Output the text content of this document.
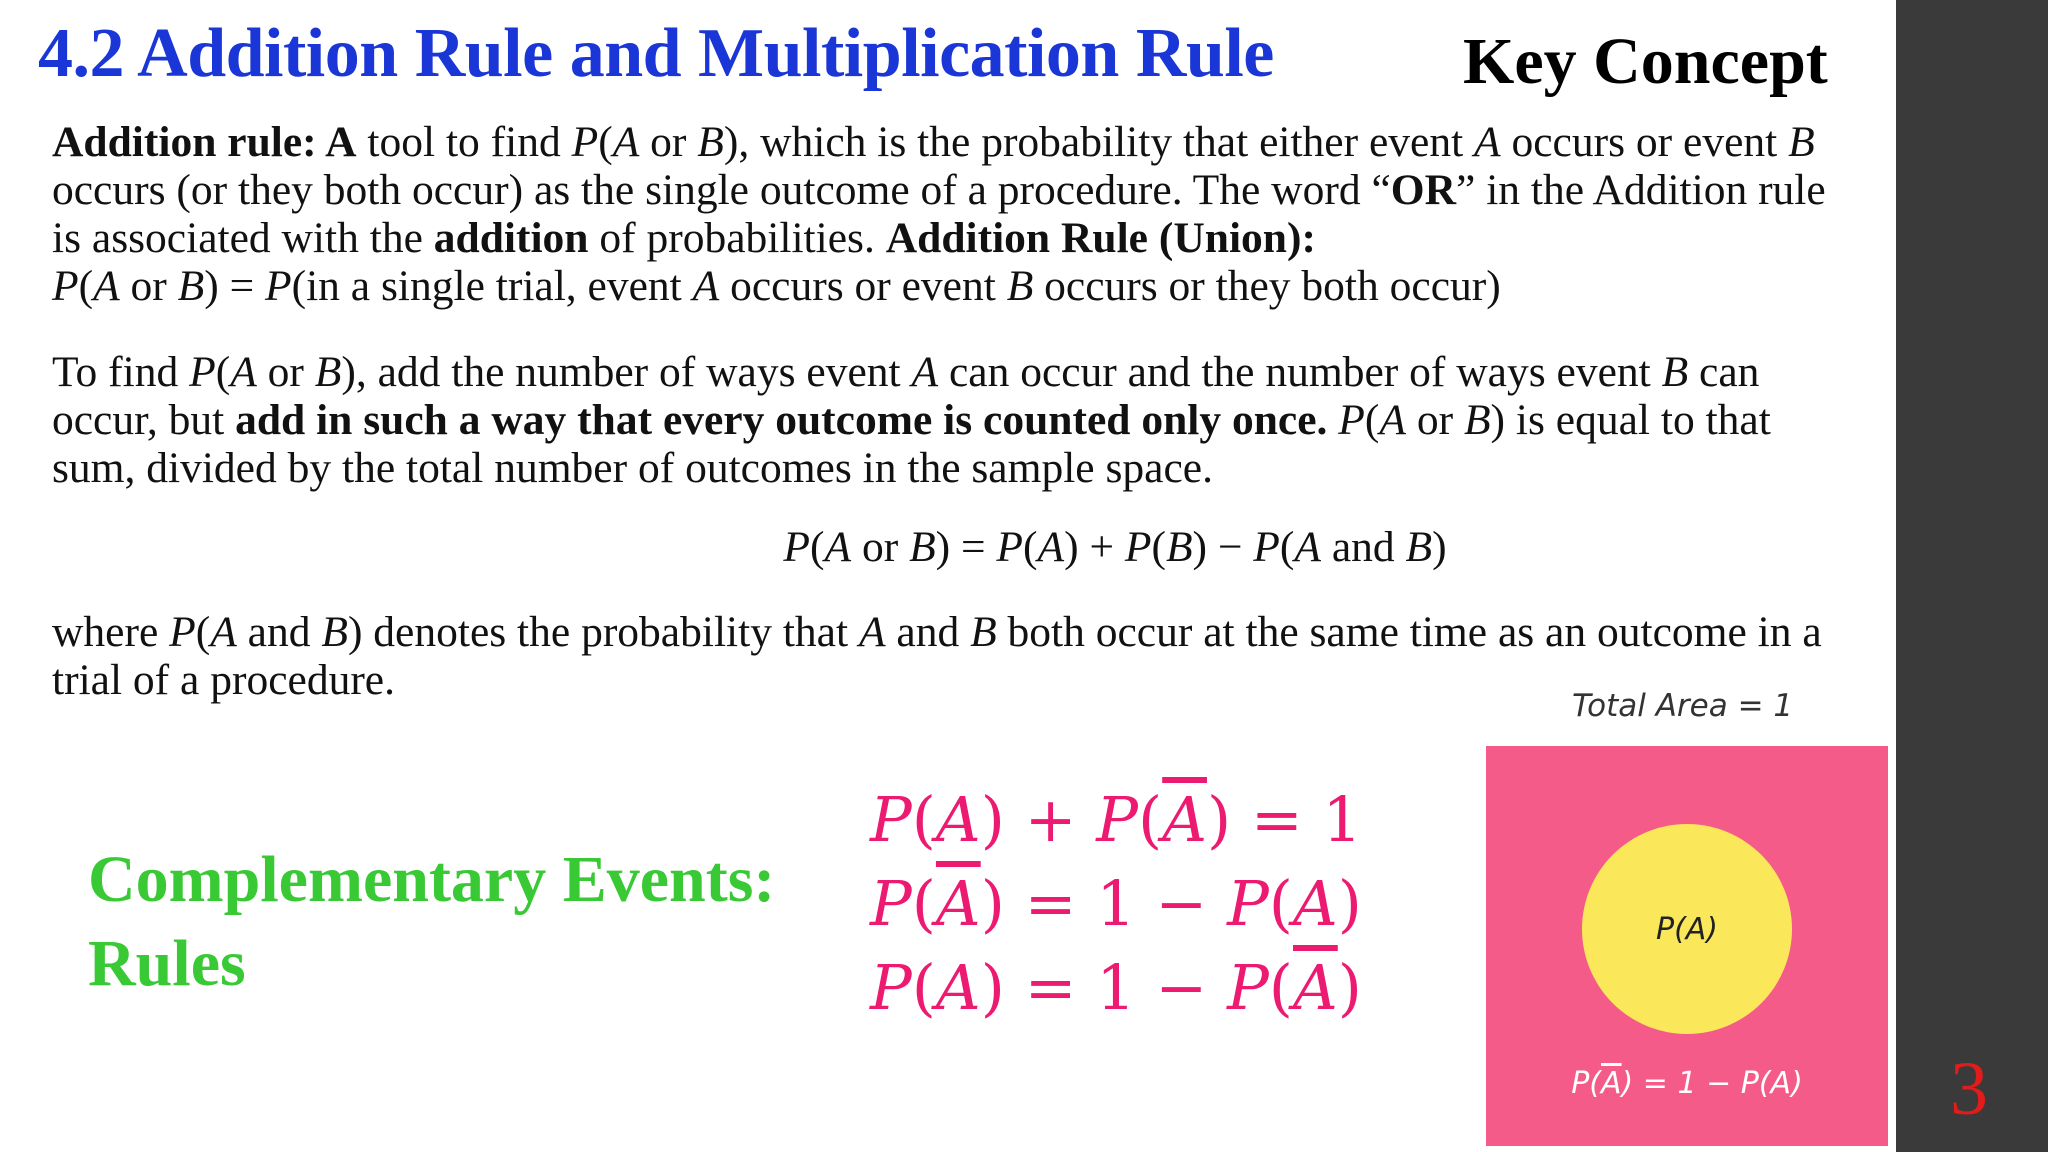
4.2 Addition Rule and Multiplication Rule	Key Concept
Addition rule: A tool to find P(A or B), which is the probability that either event A occurs or event B occurs (or they both occur) as the single outcome of a procedure. The word “OR” in the Addition rule is associated with the addition of probabilities. Addition Rule (Union):
P(A or B) = P(in a single trial, event A occurs or event B occurs or they both occur)
To find P(A or B), add the number of ways event A can occur and the number of ways event B can occur, but add in such a way that every outcome is counted only once. P(A or B) is equal to that sum, divided by the total number of outcomes in the sample space.
P(A or B) = P(A) + P(B) − P(A and B)
where P(A and B) denotes the probability that A and B both occur at the same time as an outcome in a trial of a procedure.
Complementary Events:
Rules
$P(A) + P(\overline{A}) = 1$
$P(\overline{A}) = 1 - P(A)$
$P(A) = 1 - P(\overline{A})$
Total Area = 1
P(A)
$P(\overline{A}) = 1 - P(A)$	3
